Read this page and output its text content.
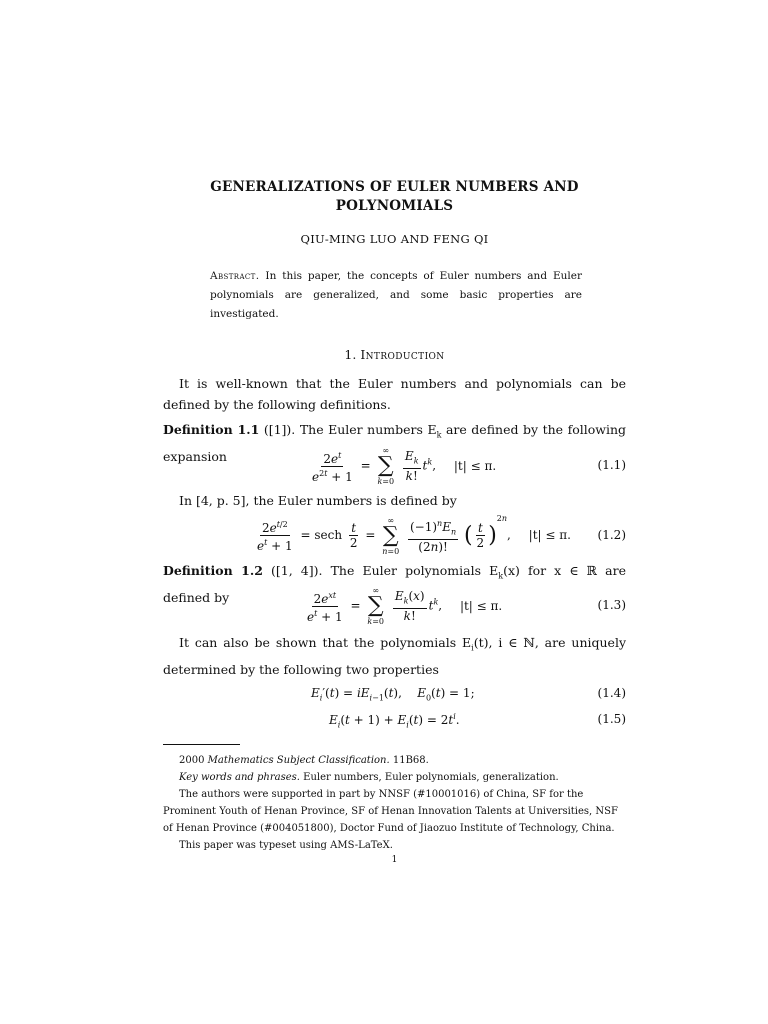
GENERALIZATIONS OF EULER NUMBERS AND POLYNOMIALS
QIU-MING LUO AND FENG QI
Abstract. In this paper, the concepts of Euler numbers and Euler polynomials are generalized, and some basic properties are investigated.
1. Introduction
It is well-known that the Euler numbers and polynomials can be defined by the following definitions.
Definition 1.1 ([1]). The Euler numbers $E_k$ are defined by the following expansion	$\frac{2e^t}{e^{2t} + 1}$ =
∞
∑
k=0
$\frac{E_k}{k!} t^k$, |t| ≤ π.	(1.1)
In [4, p. 5], the Euler numbers is defined by
$\frac{2e^{t/2}}{e^t + 1} = \sec h \frac{t}{2}$ =
∞
∑
n=0
$\frac{(-1)^nE_n}{(2n)!}$ ( $\frac{t}{2} )^{2n}$, |t| ≤ π. (1.2)
Definition 1.2 ([1, 4]). The Euler polynomials $E_k(x)$ for x ∈ ℝ are defined by	$\frac{2e^{xt}}{e^t + 1}$ =
∞
∑
k=0
$\frac{E_k(x)}{k!} t^k$, |t| ≤ π.	(1.3)
It can also be shown that the polynomials $E_i(t)$, i ∈ ℕ, are uniquely determined by the following two properties
$E_i'(t) = iE_{i-1}(t)$,    $E_0(t) = 1$;	(1.4)
$E_i(t + 1) + E_i(t) = 2t^i$.	(1.5)
2000 Mathematics Subject Classification. 11B68.
Key words and phrases. Euler numbers, Euler polynomials, generalization.
The authors were supported in part by NNSF (#10001016) of China, SF for the Prominent Youth of Henan Province, SF of Henan Innovation Talents at Universities, NSF of Henan Province (#004051800), Doctor Fund of Jiaozuo Institute of Technology, China.
This paper was typeset using AMS-LaTeX.
1
